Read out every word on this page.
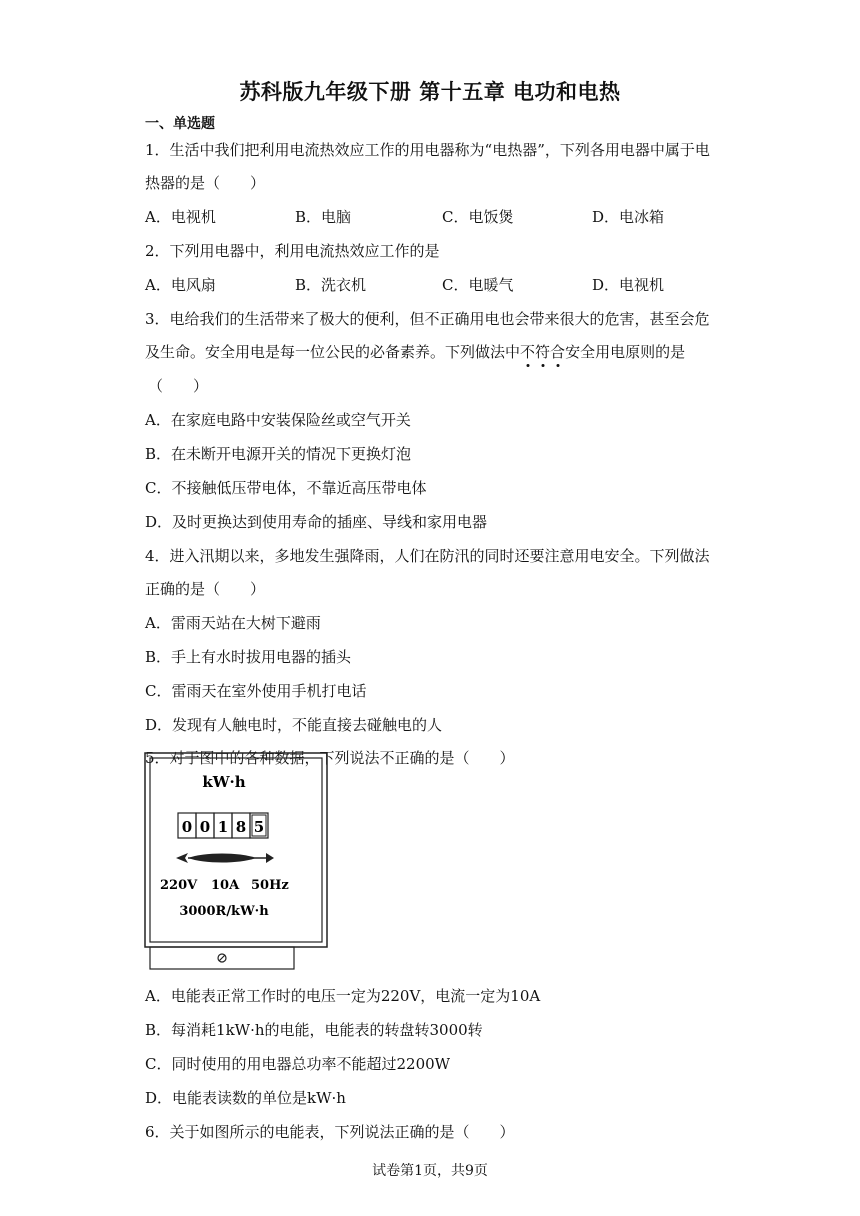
苏科版九年级下册 第十五章 电功和电热
一、单选题
1．生活中我们把利用电流热效应工作的用电器称为“电热器”，下列各用电器中属于电
热器的是（　　）
A．电视机	B．电脑	C．电饭煲	D．电冰箱
2．下列用电器中，利用电流热效应工作的是
A．电风扇	B．洗衣机	C．电暖气	D．电视机
3．电给我们的生活带来了极大的便利，但不正确用电也会带来很大的危害，甚至会危
及生命。安全用电是每一位公民的必备素养。下列做法中不符合安全用电原则的是
（　　）
A．在家庭电路中安装保险丝或空气开关
B．在未断开电源开关的情况下更换灯泡
C．不接触低压带电体，不靠近高压带电体
D．及时更换达到使用寿命的插座、导线和家用电器
4．进入汛期以来，多地发生强降雨，人们在防汛的同时还要注意用电安全。下列做法
正确的是（　　）
A．雷雨天站在大树下避雨
B．手上有水时拔用电器的插头
C．雷雨天在室外使用手机打电话
D．发现有人触电时，不能直接去碰触电的人
5．对于图中的各种数据，下列说法不正确的是（　　）
kW·h
0 0 1 8 5
220V 10A 50Hz
3000R/kW·h
A．电能表正常工作时的电压一定为220V，电流一定为10A
B．每消耗1kW·h的电能，电能表的转盘转3000转
C．同时使用的用电器总功率不能超过2200W
D．电能表读数的单位是kW·h
6．关于如图所示的电能表，下列说法正确的是（　　）
试卷第1页，共9页
